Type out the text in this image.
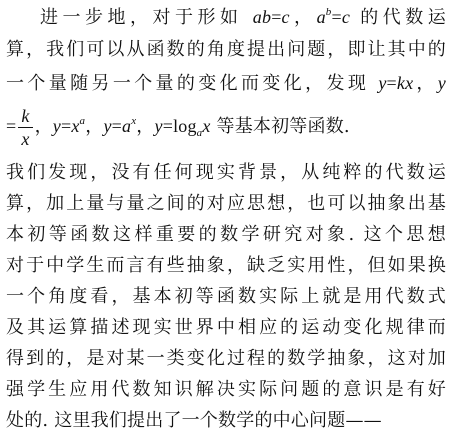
进一步地，对于形如 ab=c，$a^b=c$ 的代数运
算，我们可以从函数的角度提出问题，即让其中的
一个量随另一个量的变化而变化，发现 y=kx，y
= $\frac{k}{x}$ ，$y=x^a$，$y=a^x$，$y=\log_ax$ 等基本初等函数.
我们发现，没有任何现实背景，从纯粹的代数运
算，加上量与量之间的对应思想，也可以抽象出基
本初等函数这样重要的数学研究对象. 这个思想
对于中学生而言有些抽象，缺乏实用性，但如果换
一个角度看，基本初等函数实际上就是用代数式
及其运算描述现实世界中相应的运动变化规律而
得到的，是对某一类变化过程的数学抽象，这对加
强学生应用代数知识解决实际问题的意识是有好
处的. 这里我们提出了一个数学的中心问题——
